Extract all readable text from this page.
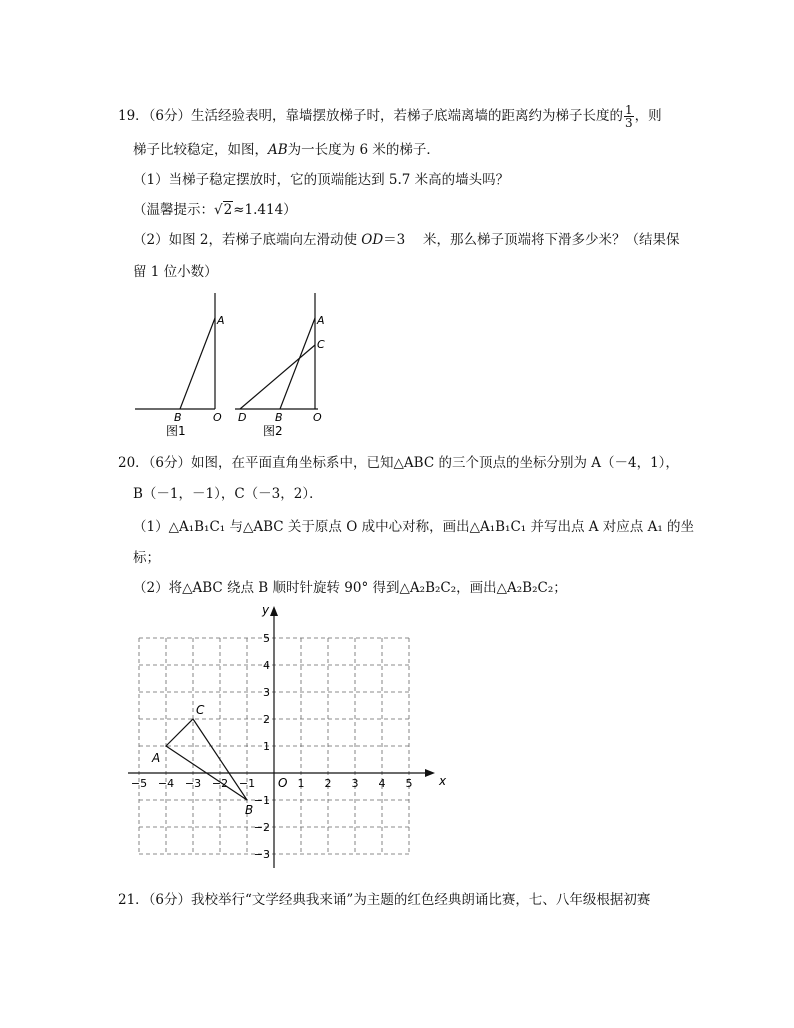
19．（6分）生活经验表明，靠墙摆放梯子时，若梯子底端离墙的距离约为梯子长度的 $\frac{1}{3}$ ，则
梯子比较稳定，如图，AB为一长度为 6 米的梯子．
（1）当梯子稳定摆放时，它的顶端能达到 5.7 米高的墙头吗？
（温馨提示：√2≈1.414）
（2）如图 2，若梯子底端向左滑动使 OD＝3　 米，那么梯子顶端将下滑多少米？（结果保
留 1 位小数）
A
B	O
图1
A
C
D	B	O
图2
20．（6分）如图，在平面直角坐标系中，已知△ABC 的三个顶点的坐标分别为 A（－4，1），
B（－1，－1），C（－3，2）．
（1）△A₁B₁C₁ 与△ABC 关于原点 O 成中心对称，画出△A₁B₁C₁ 并写出点 A 对应点 A₁ 的坐
标；
（2）将△ABC 绕点 B 顺时针旋转 90° 得到△A₂B₂C₂，画出△A₂B₂C₂；
x
y
O
−5 −4 −3 −2 −1	1 2 3 4 5
5
4
3
2
1
−1
−2
−3
A
B
C
21．（6分）我校举行“文学经典我来诵”为主题的红色经典朗诵比赛，七、八年级根据初赛
